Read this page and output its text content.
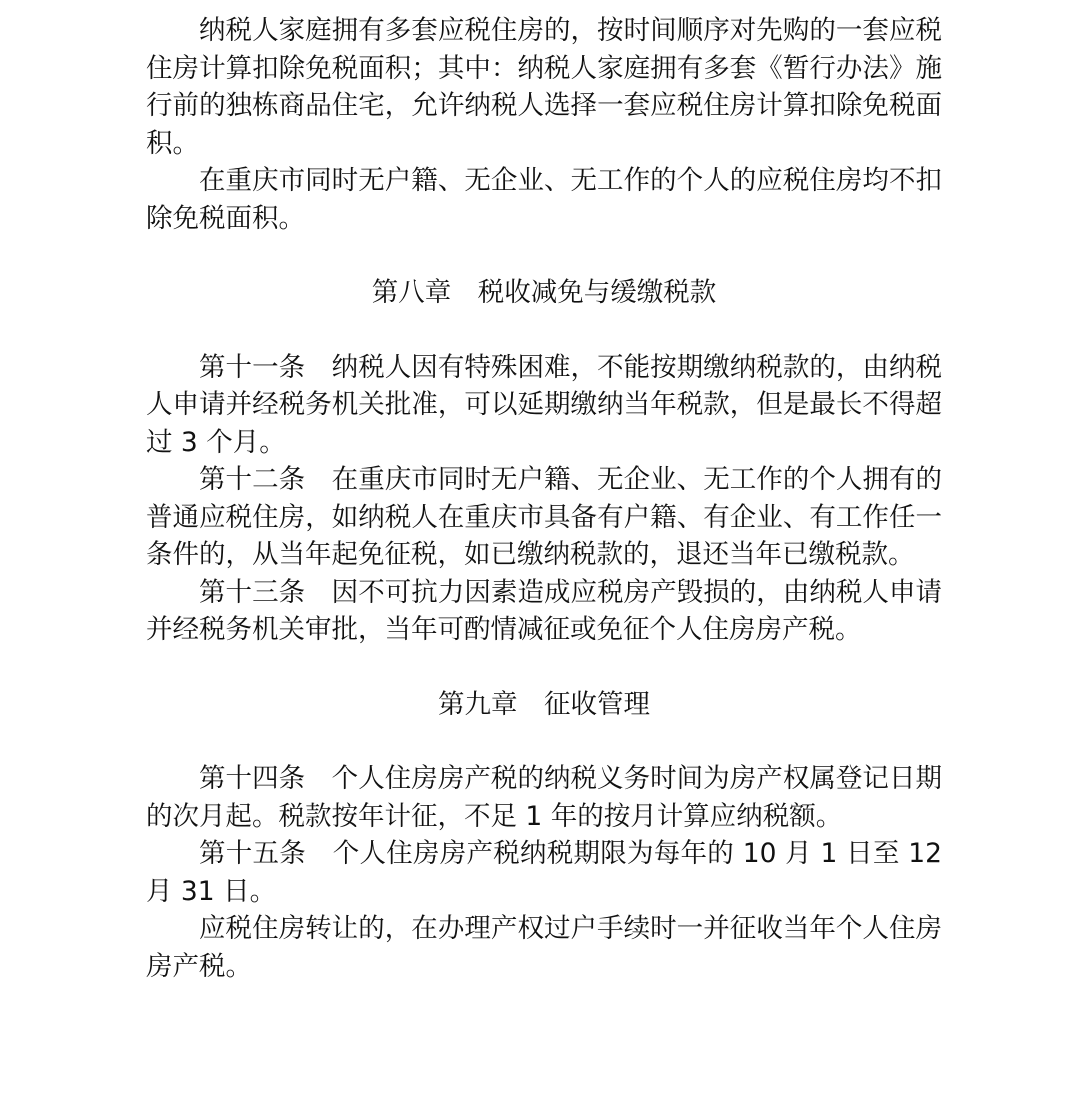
纳税人家庭拥有多套应税住房的，按时间顺序对先购的一套应税住房计算扣除免税面积；其中：纳税人家庭拥有多套《暂行办法》施行前的独栋商品住宅，允许纳税人选择一套应税住房计算扣除免税面积。

在重庆市同时无户籍、无企业、无工作的个人的应税住房均不扣除免税面积。

第八章　税收减免与缓缴税款

第十一条　纳税人因有特殊困难，不能按期缴纳税款的，由纳税人申请并经税务机关批准，可以延期缴纳当年税款，但是最长不得超过 3 个月。

第十二条　在重庆市同时无户籍、无企业、无工作的个人拥有的普通应税住房，如纳税人在重庆市具备有户籍、有企业、有工作任一条件的，从当年起免征税，如已缴纳税款的，退还当年已缴税款。

第十三条　因不可抗力因素造成应税房产毁损的，由纳税人申请并经税务机关审批，当年可酌情减征或免征个人住房房产税。

第九章　征收管理

第十四条　个人住房房产税的纳税义务时间为房产权属登记日期的次月起。税款按年计征，不足 1 年的按月计算应纳税额。

第十五条　个人住房房产税纳税期限为每年的 10 月 1 日至 12 月 31 日。

应税住房转让的，在办理产权过户手续时一并征收当年个人住房房产税。
